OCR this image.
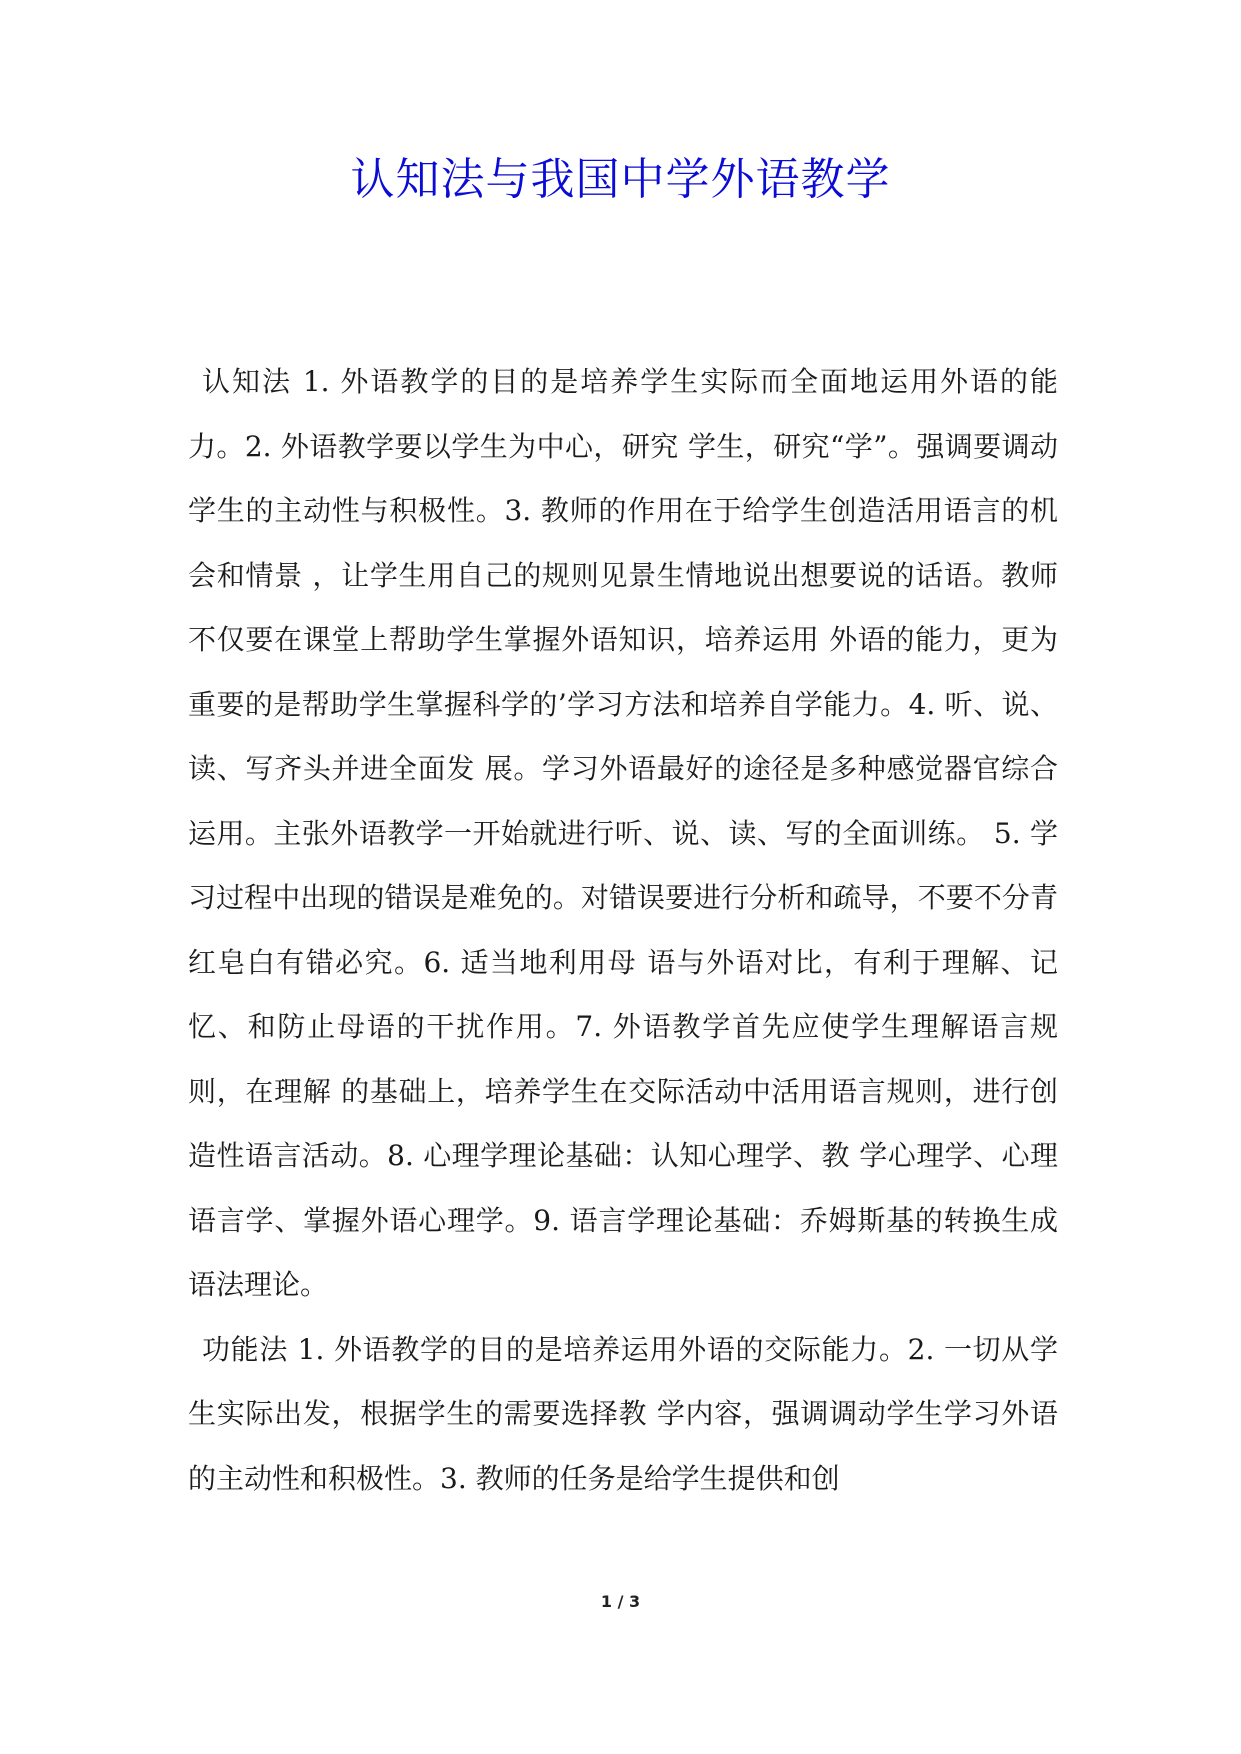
认知法与我国中学外语教学

认知法 1. 外语教学的目的是培养学生实际而全面地运用外语的能力。2. 外语教学要以学生为中心，研究 学生，研究“学”。强调要调动学生的主动性与积极性。3. 教师的作用在于给学生创造活用语言的机会和情景 ，让学生用自己的规则见景生情地说出想要说的话语。教师不仅要在课堂上帮助学生掌握外语知识，培养运用 外语的能力，更为重要的是帮助学生掌握科学的’学习方法和培养自学能力。4. 听、说、读、写齐头并进全面发 展。学习外语最好的途径是多种感觉器官综合运用。主张外语教学一开始就进行听、说、读、写的全面训练。 5. 学习过程中出现的错误是难免的。对错误要进行分析和疏导，不要不分青红皂白有错必究。6. 适当地利用母 语与外语对比，有利于理解、记忆、和防止母语的干扰作用。7. 外语教学首先应使学生理解语言规则，在理解 的基础上，培养学生在交际活动中活用语言规则，进行创造性语言活动。8. 心理学理论基础：认知心理学、教 学心理学、心理语言学、掌握外语心理学。9. 语言学理论基础：乔姆斯基的转换生成语法理论。

功能法 1. 外语教学的目的是培养运用外语的交际能力。2. 一切从学生实际出发，根据学生的需要选择教 学内容，强调调动学生学习外语的主动性和积极性。3. 教师的任务是给学生提供和创

1 / 3
